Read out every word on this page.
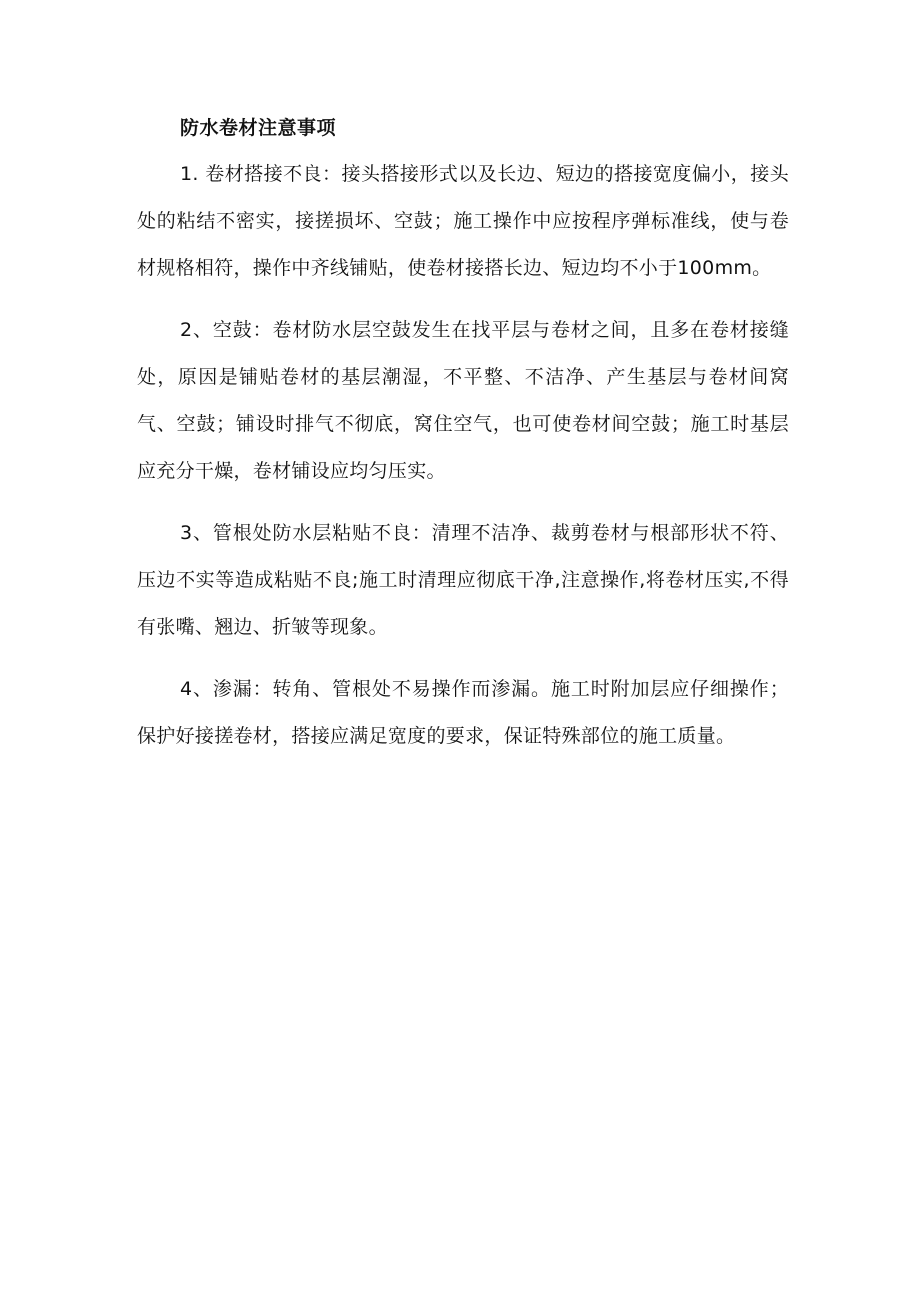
防水卷材注意事项

1. 卷材搭接不良：接头搭接形式以及长边、短边的搭接宽度偏小，接头处的粘结不密实，接搓损坏、空鼓；施工操作中应按程序弹标准线，使与卷材规格相符，操作中齐线铺贴，使卷材接搭长边、短边均不小于100mm。

2、空鼓：卷材防水层空鼓发生在找平层与卷材之间，且多在卷材接缝处，原因是铺贴卷材的基层潮湿，不平整、不洁净、产生基层与卷材间窝气、空鼓；铺设时排气不彻底，窝住空气，也可使卷材间空鼓；施工时基层应充分干燥，卷材铺设应均匀压实。

3、管根处防水层粘贴不良：清理不洁净、裁剪卷材与根部形状不符、压边不实等造成粘贴不良;施工时清理应彻底干净,注意操作,将卷材压实,不得有张嘴、翘边、折皱等现象。

4、渗漏：转角、管根处不易操作而渗漏。施工时附加层应仔细操作；保护好接搓卷材，搭接应满足宽度的要求，保证特殊部位的施工质量。
